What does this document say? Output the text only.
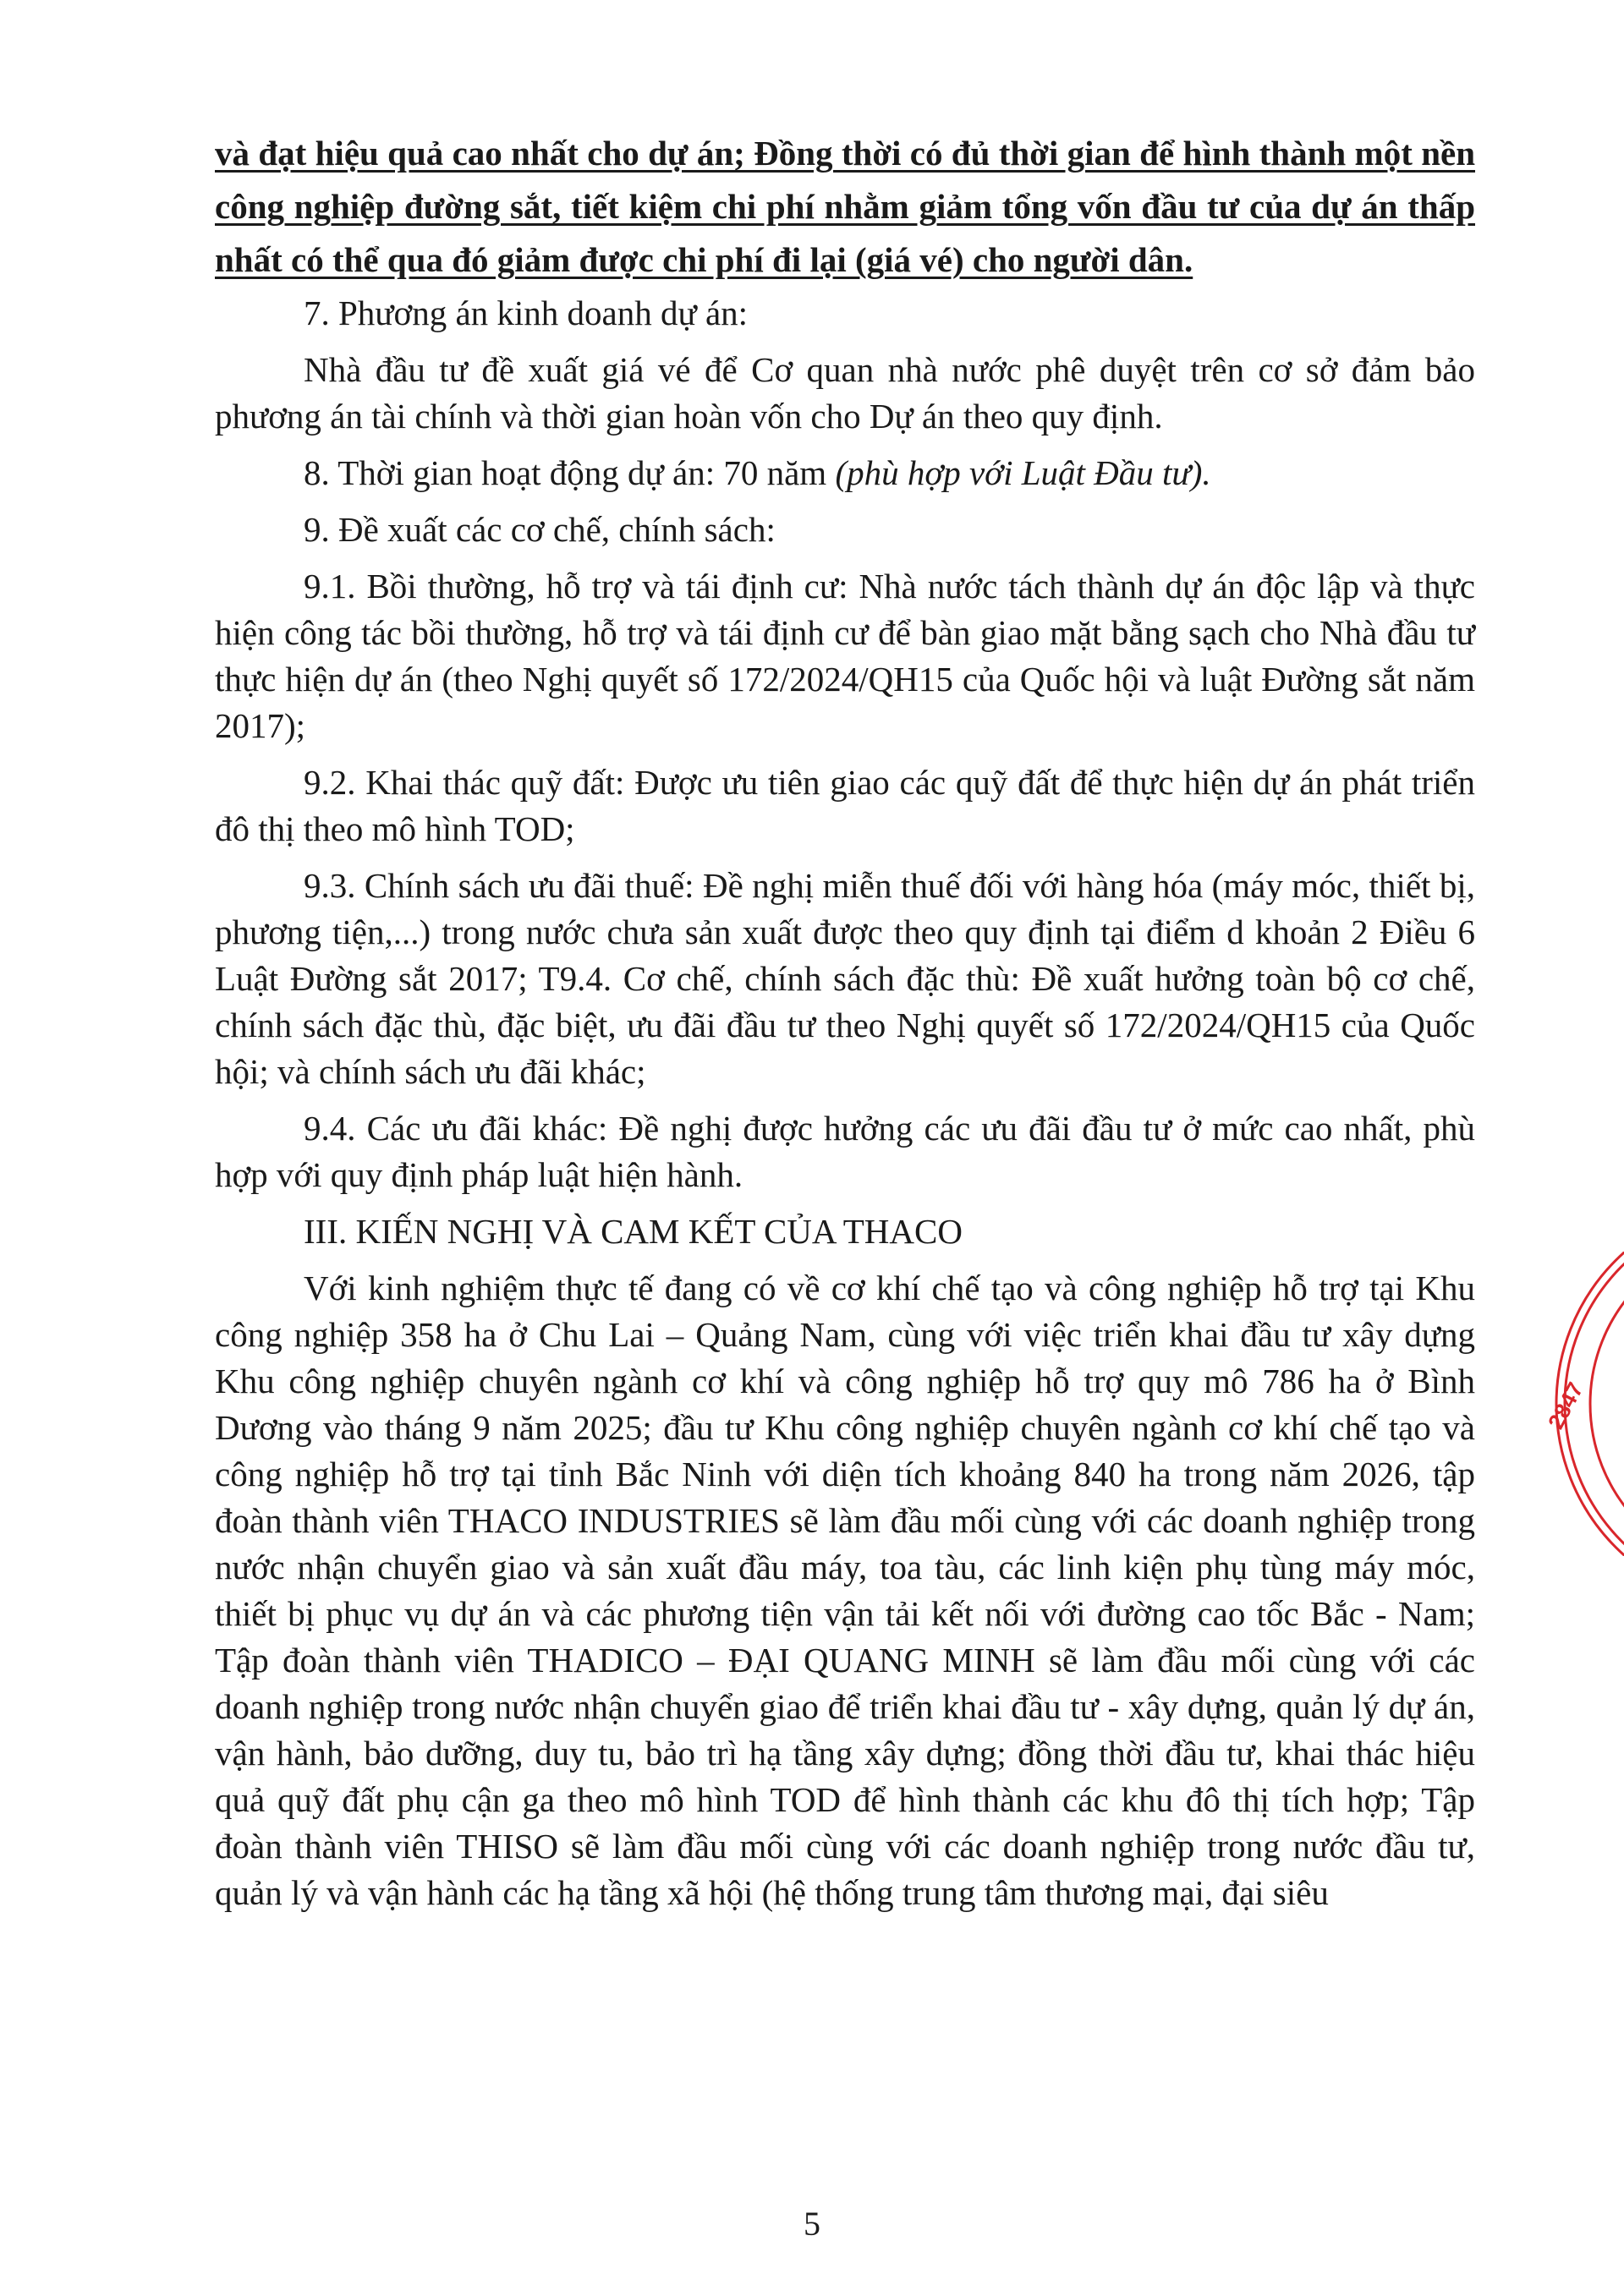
và đạt hiệu quả cao nhất cho dự án; Đồng thời có đủ thời gian để hình thành một nền công nghiệp đường sắt, tiết kiệm chi phí nhằm giảm tổng vốn đầu tư của dự án thấp nhất có thể qua đó giảm được chi phí đi lại (giá vé) cho người dân.

7. Phương án kinh doanh dự án:

Nhà đầu tư đề xuất giá vé để Cơ quan nhà nước phê duyệt trên cơ sở đảm bảo phương án tài chính và thời gian hoàn vốn cho Dự án theo quy định.

8. Thời gian hoạt động dự án: 70 năm (phù hợp với Luật Đầu tư).

9. Đề xuất các cơ chế, chính sách:

9.1. Bồi thường, hỗ trợ và tái định cư: Nhà nước tách thành dự án độc lập và thực hiện công tác bồi thường, hỗ trợ và tái định cư để bàn giao mặt bằng sạch cho Nhà đầu tư thực hiện dự án (theo Nghị quyết số 172/2024/QH15 của Quốc hội và luật Đường sắt năm 2017);

9.2. Khai thác quỹ đất: Được ưu tiên giao các quỹ đất để thực hiện dự án phát triển đô thị theo mô hình TOD;

9.3. Chính sách ưu đãi thuế: Đề nghị miễn thuế đối với hàng hóa (máy móc, thiết bị, phương tiện,...) trong nước chưa sản xuất được theo quy định tại điểm d khoản 2 Điều 6 Luật Đường sắt 2017; T9.4. Cơ chế, chính sách đặc thù: Đề xuất hưởng toàn bộ cơ chế, chính sách đặc thù, đặc biệt, ưu đãi đầu tư theo Nghị quyết số 172/2024/QH15 của Quốc hội; và chính sách ưu đãi khác;

9.4. Các ưu đãi khác: Đề nghị được hưởng các ưu đãi đầu tư ở mức cao nhất, phù hợp với quy định pháp luật hiện hành.

III. KIẾN NGHỊ VÀ CAM KẾT CỦA THACO

Với kinh nghiệm thực tế đang có về cơ khí chế tạo và công nghiệp hỗ trợ tại Khu công nghiệp 358 ha ở Chu Lai – Quảng Nam, cùng với việc triển khai đầu tư xây dựng Khu công nghiệp chuyên ngành cơ khí và công nghiệp hỗ trợ quy mô 786 ha ở Bình Dương vào tháng 9 năm 2025; đầu tư Khu công nghiệp chuyên ngành cơ khí chế tạo và công nghiệp hỗ trợ tại tỉnh Bắc Ninh với diện tích khoảng 840 ha trong năm 2026, tập đoàn thành viên THACO INDUSTRIES sẽ làm đầu mối cùng với các doanh nghiệp trong nước nhận chuyển giao và sản xuất đầu máy, toa tàu, các linh kiện phụ tùng máy móc, thiết bị phục vụ dự án và các phương tiện vận tải kết nối với đường cao tốc Bắc - Nam; Tập đoàn thành viên THADICO – ĐẠI QUANG MINH sẽ làm đầu mối cùng với các doanh nghiệp trong nước nhận chuyển giao để triển khai đầu tư - xây dựng, quản lý dự án, vận hành, bảo dưỡng, duy tu, bảo trì hạ tầng xây dựng; đồng thời đầu tư, khai thác hiệu quả quỹ đất phụ cận ga theo mô hình TOD để hình thành các khu đô thị tích hợp; Tập đoàn thành viên THISO sẽ làm đầu mối cùng với các doanh nghiệp trong nước đầu tư, quản lý và vận hành các hạ tầng xã hội (hệ thống trung tâm thương mại, đại siêu

5
2847
